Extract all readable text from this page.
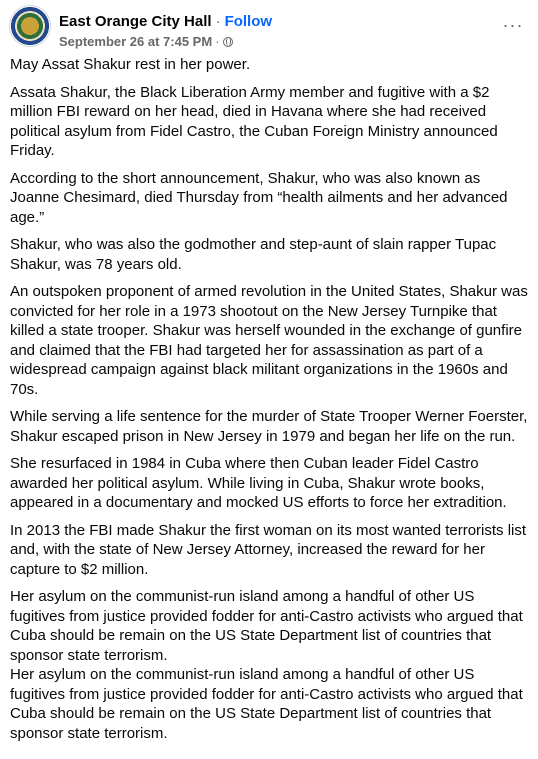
East Orange City Hall · Follow
September 26 at 7:45 PM ·
···

May Assat Shakur rest in her power.

Assata Shakur, the Black Liberation Army member and fugitive with a $2 million FBI reward on her head, died in Havana where she had received political asylum from Fidel Castro, the Cuban Foreign Ministry announced Friday.

According to the short announcement, Shakur, who was also known as Joanne Chesimard, died Thursday from “health ailments and her advanced age.”

Shakur, who was also the godmother and step-aunt of slain rapper Tupac Shakur, was 78 years old.

An outspoken proponent of armed revolution in the United States, Shakur was convicted for her role in a 1973 shootout on the New Jersey Turnpike that killed a state trooper. Shakur was herself wounded in the exchange of gunfire and claimed that the FBI had targeted her for assassination as part of a widespread campaign against black militant organizations in the 1960s and 70s.

While serving a life sentence for the murder of State Trooper Werner Foerster, Shakur escaped prison in New Jersey in 1979 and began her life on the run.

She resurfaced in 1984 in Cuba where then Cuban leader Fidel Castro awarded her political asylum. While living in Cuba, Shakur wrote books, appeared in a documentary and mocked US efforts to force her extradition.

In 2013 the FBI made Shakur the first woman on its most wanted terrorists list and, with the state of New Jersey Attorney, increased the reward for her capture to $2 million.

Her asylum on the communist-run island among a handful of other US fugitives from justice provided fodder for anti-Castro activists who argued that Cuba should be remain on the US State Department list of countries that sponsor state terrorism.

Her asylum on the communist-run island among a handful of other US fugitives from justice provided fodder for anti-Castro activists who argued that Cuba should be remain on the US State Department list of countries that sponsor state terrorism.
